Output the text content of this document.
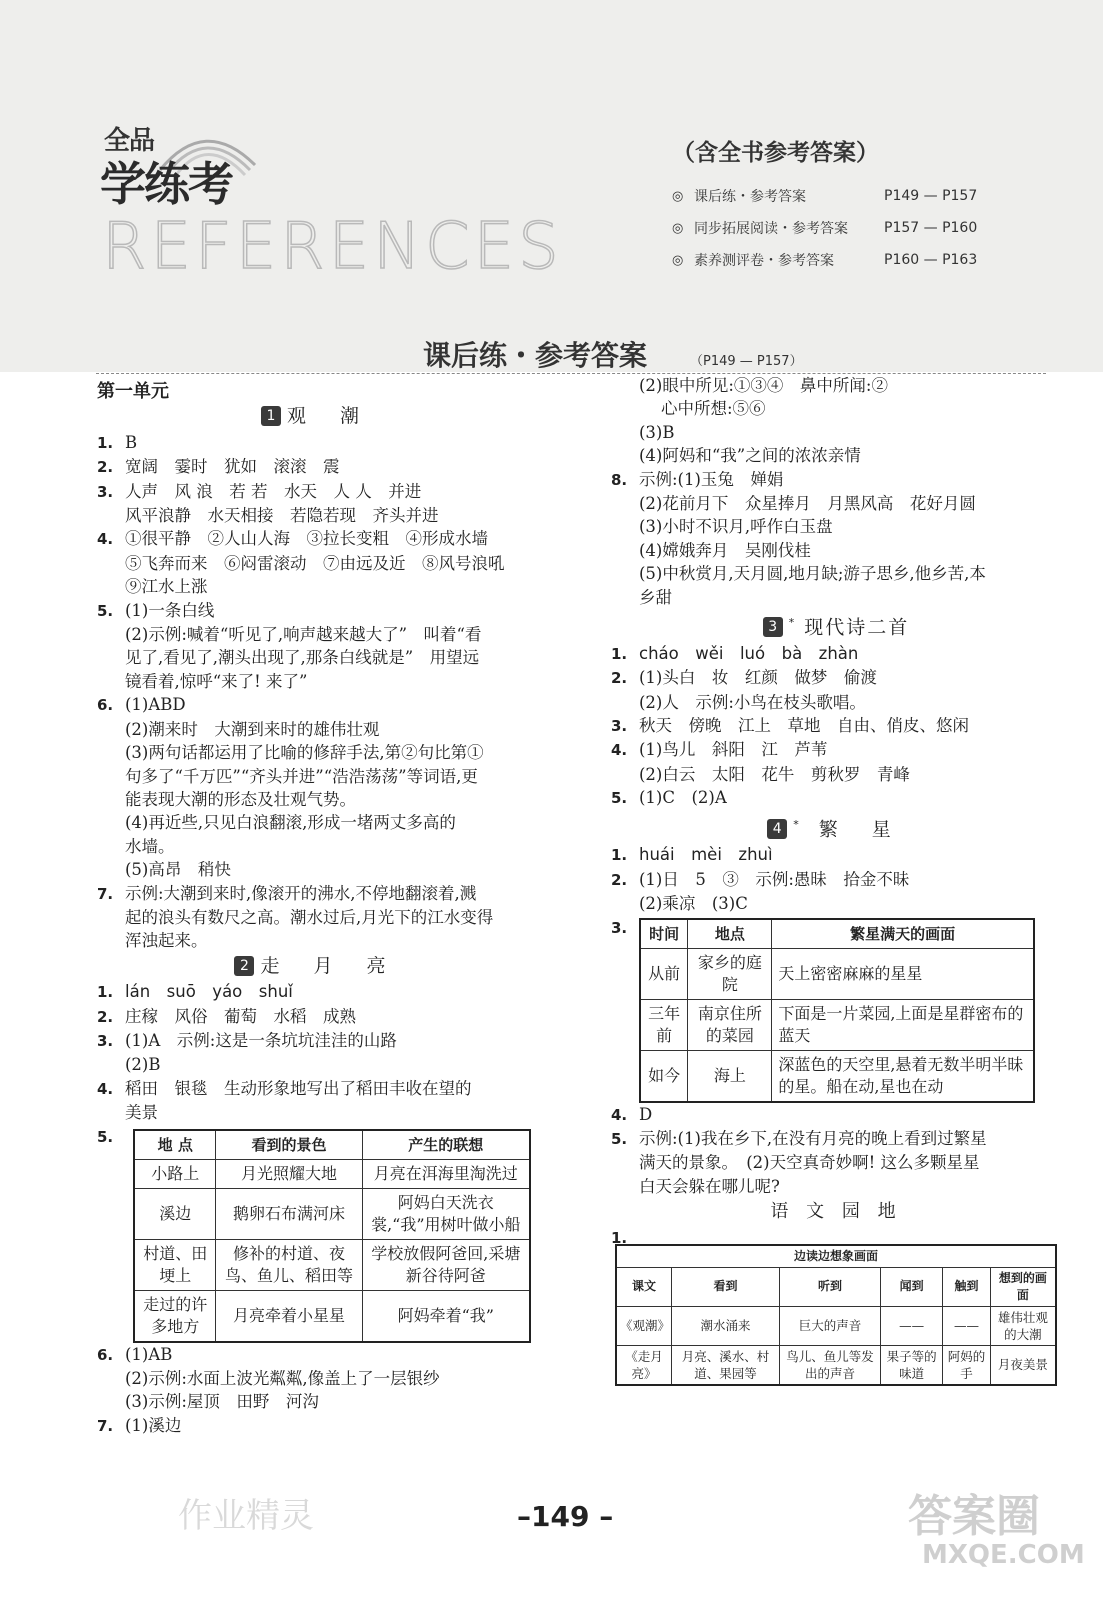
全品
学练考
REFERENCES
（含全书参考答案）
◎ 课后练・参考答案	P149 — P157
◎ 同步拓展阅读・参考答案	P157 — P160
◎ 素养测评卷・参考答案	P160 — P163
课后练・参考答案	（P149 — P157）
第一单元
1 观 潮
1. B
2. 宽阔　霎时　犹如　滚滚　震
3. 人声　风 浪　若 若　水天　人 人　并进
风平浪静　水天相接　若隐若现　齐头并进
4. ①很平静　②人山人海　③拉长变粗　④形成水墙
⑤飞奔而来　⑥闷雷滚动　⑦由远及近　⑧风号浪吼
⑨江水上涨
5. (1)一条白线
(2)示例:喊着“听见了,响声越来越大了”　叫着“看
见了,看见了,潮头出现了,那条白线就是”　用望远
镜看着,惊呼“来了! 来了”
6. (1)ABD
(2)潮来时　大潮到来时的雄伟壮观
(3)两句话都运用了比喻的修辞手法,第②句比第①
句多了“千万匹”“齐头并进”“浩浩荡荡”等词语,更
能表现大潮的形态及壮观气势。
(4)再近些,只见白浪翻滚,形成一堵两丈多高的
水墙。
(5)高昂　稍快
7. 示例:大潮到来时,像滚开的沸水,不停地翻滚着,溅
起的浪头有数尺之高。潮水过后,月光下的江水变得
浑浊起来。
2 走 月 亮
1. lán　suō　yáo　shuǐ
2. 庄稼　风俗　葡萄　水稻　成熟
3. (1)A　示例:这是一条坑坑洼洼的山路
(2)B
4. 稻田　银毯　生动形象地写出了稻田丰收在望的
美景
5.	地 点	看到的景色	产生的联想
小路上	月光照耀大地	月亮在洱海里淘洗过
溪边	鹅卵石布满河床	阿妈白天洗衣裳,“我”用树叶做小船
村道、田埂上	修补的村道、夜鸟、鱼儿、稻田等	学校放假阿爸回,采塘新谷待阿爸
走过的许多地方	月亮牵着小星星	阿妈牵着“我”
6. (1)AB
(2)示例:水面上波光粼粼,像盖上了一层银纱
(3)示例:屋顶　田野　河沟
7. (1)溪边
(2)眼中所见:①③④　鼻中所闻:②
心中所想:⑤⑥
(3)B
(4)阿妈和“我”之间的浓浓亲情
8. 示例:(1)玉兔　婵娟
(2)花前月下　众星捧月　月黑风高　花好月圆
(3)小时不识月,呼作白玉盘
(4)嫦娥奔月　吴刚伐桂
(5)中秋赏月,天月圆,地月缺;游子思乡,他乡苦,本
乡甜
3 * 现代诗二首
1. cháo　wěi　luó　bà　zhàn
2. (1)头白　妆　红颜　做梦　偷渡
(2)人　示例:小鸟在枝头歌唱。
3. 秋天　傍晚　江上　草地　自由、俏皮、悠闲
4. (1)鸟儿　斜阳　江　芦苇
(2)白云　太阳　花牛　剪秋罗　青峰
5. (1)C　(2)A
4 * 繁 星
1. huái　mèi　zhuì
2. (1)日　5　③　示例:愚昧　拾金不昧
(2)乘凉　(3)C
3.	时间	地点	繁星满天的画面
从前	家乡的庭院	天上密密麻麻的星星
三年前	南京住所的菜园	下面是一片菜园,上面是星群密布的蓝天
如今	海上	深蓝色的天空里,悬着无数半明半昧的星。船在动,星也在动
4. D
5. 示例:(1)我在乡下,在没有月亮的晚上看到过繁星
满天的景象。　(2)天空真奇妙啊! 这么多颗星星
白天会躲在哪儿呢?
语 文 园 地
1.
边读边想象画面					
课文	看到	听到	闻到	触到	想到的画面
《观潮》	潮水涌来	巨大的声音	——	——	雄伟壮观的大潮
《走月亮》	月亮、溪水、村道、果园等	鸟儿、鱼儿等发出的声音	果子等的味道	阿妈的手	月夜美景
–149 –
作业精灵	答案圈
MXQE.COM
